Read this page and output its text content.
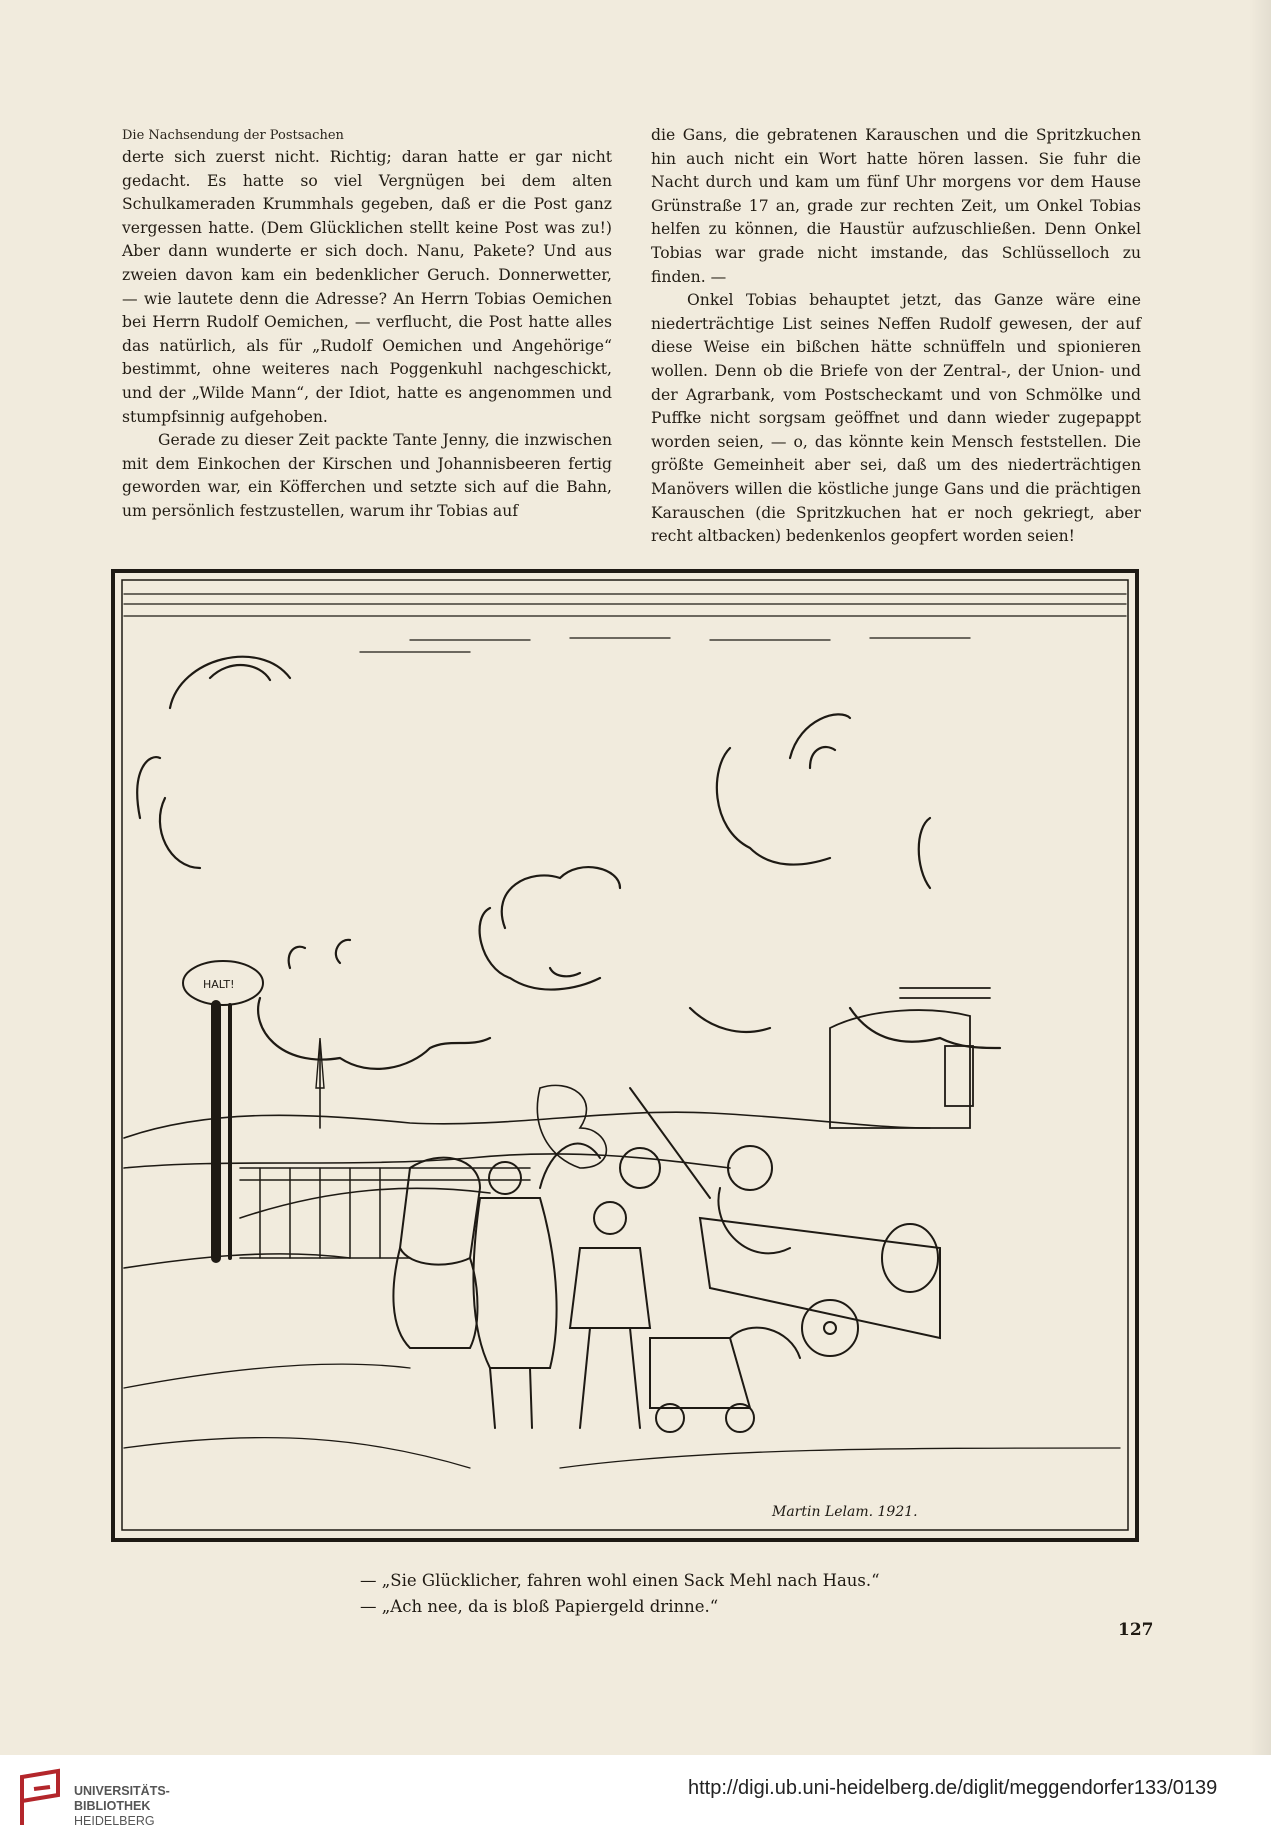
Die Nachsendung der Postsachen

derte sich zuerst nicht. Richtig; daran hatte er gar nicht gedacht. Es hatte so viel Vergnügen bei dem alten Schulkameraden Krummhals gegeben, daß er die Post ganz vergessen hatte. (Dem Glücklichen stellt keine Post was zu!) Aber dann wunderte er sich doch. Nanu, Pakete? Und aus zweien davon kam ein bedenklicher Geruch. Donnerwetter, — wie lautete denn die Adresse? An Herrn Tobias Oemichen bei Herrn Rudolf Oemichen, — verflucht, die Post hatte alles das natürlich, als für „Rudolf Oemichen und Angehörige“ bestimmt, ohne weiteres nach Poggenkuhl nachgeschickt, und der „Wilde Mann“, der Idiot, hatte es angenommen und stumpfsinnig aufgehoben.

Gerade zu dieser Zeit packte Tante Jenny, die inzwischen mit dem Einkochen der Kirschen und Johannisbeeren fertig geworden war, ein Köfferchen und setzte sich auf die Bahn, um persönlich festzustellen, warum ihr Tobias auf

die Gans, die gebratenen Karauschen und die Spritzkuchen hin auch nicht ein Wort hatte hören lassen. Sie fuhr die Nacht durch und kam um fünf Uhr morgens vor dem Hause Grünstraße 17 an, grade zur rechten Zeit, um Onkel Tobias helfen zu können, die Haustür aufzuschließen. Denn Onkel Tobias war grade nicht imstande, das Schlüsselloch zu finden. —

Onkel Tobias behauptet jetzt, das Ganze wäre eine niederträchtige List seines Neffen Rudolf gewesen, der auf diese Weise ein bißchen hätte schnüffeln und spionieren wollen. Denn ob die Briefe von der Zentral-, der Union- und der Agrarbank, vom Postscheckamt und von Schmölke und Puffke nicht sorgsam geöffnet und dann wieder zugepappt worden seien, — o, das könnte kein Mensch feststellen. Die größte Gemeinheit aber sei, daß um des niederträchtigen Manövers willen die köstliche junge Gans und die prächtigen Karauschen (die Spritzkuchen hat er noch gekriegt, aber recht altbacken) bedenkenlos geopfert worden seien!

HALT!
Martin Lelam. 1921.
— „Sie Glücklicher, fahren wohl einen Sack Mehl nach Haus.“
— „Ach nee, da is bloß Papiergeld drinne.“
127
UNIVERSITÄTS-
BIBLIOTHEK
HEIDELBERG
http://digi.ub.uni-heidelberg.de/diglit/meggendorfer133/0139
